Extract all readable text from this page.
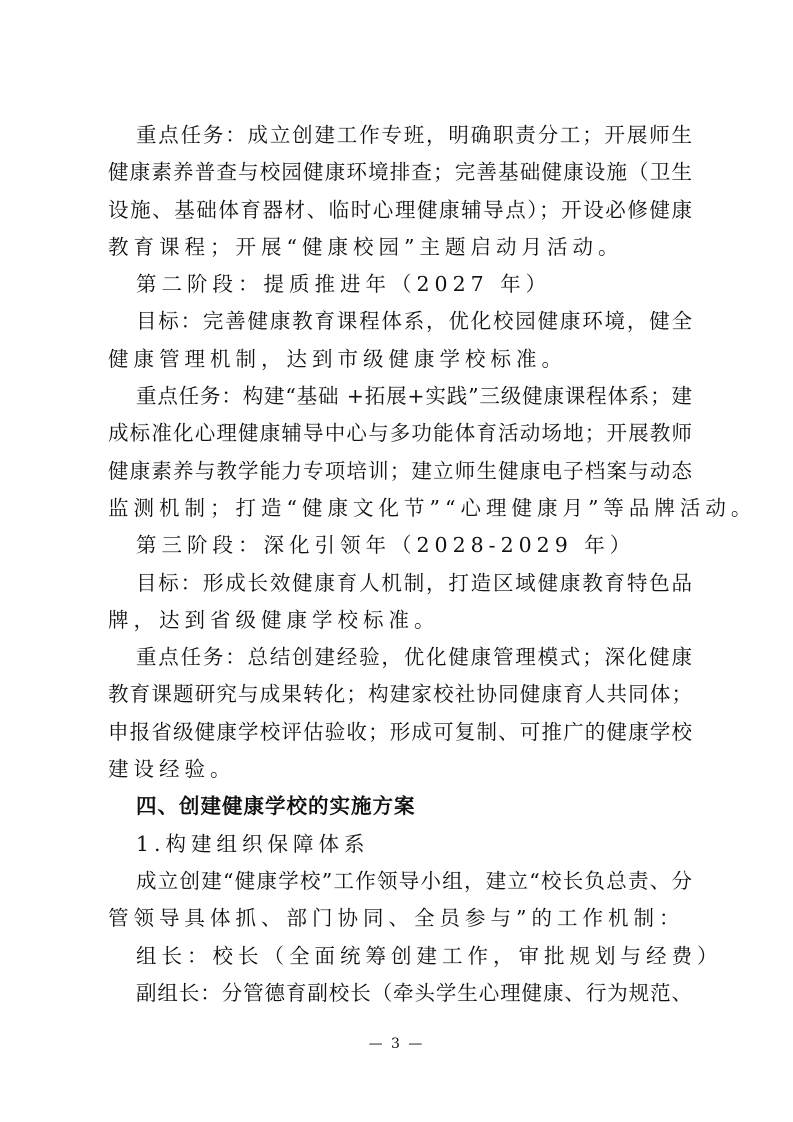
重点任务：成立创建工作专班，明确职责分工；开展师生
健康素养普查与校园健康环境排查；完善基础健康设施（卫生
设施、基础体育器材、临时心理健康辅导点）；开设必修健康
教育课程；开展“健康校园”主题启动月活动。
第二阶段：提质推进年（2027 年）
目标：完善健康教育课程体系，优化校园健康环境，健全
健康管理机制，达到市级健康学校标准。
重点任务：构建“基础 +拓展+实践”三级健康课程体系；建
成标准化心理健康辅导中心与多功能体育活动场地；开展教师
健康素养与教学能力专项培训；建立师生健康电子档案与动态
监测机制；打造“健康文化节”“心理健康月”等品牌活动。
第三阶段：深化引领年（2028-2029 年）
目标：形成长效健康育人机制，打造区域健康教育特色品
牌，达到省级健康学校标准。
重点任务：总结创建经验，优化健康管理模式；深化健康
教育课题研究与成果转化；构建家校社协同健康育人共同体；
申报省级健康学校评估验收；形成可复制、可推广的健康学校
建设经验。
四、创建健康学校的实施方案
1.构建组织保障体系
成立创建“健康学校”工作领导小组，建立“校长负总责、分
管领导具体抓、部门协同、全员参与”的工作机制：
组长：校长（全面统筹创建工作，审批规划与经费）
副组长：分管德育副校长（牵头学生心理健康、行为规范、
— 3 —
